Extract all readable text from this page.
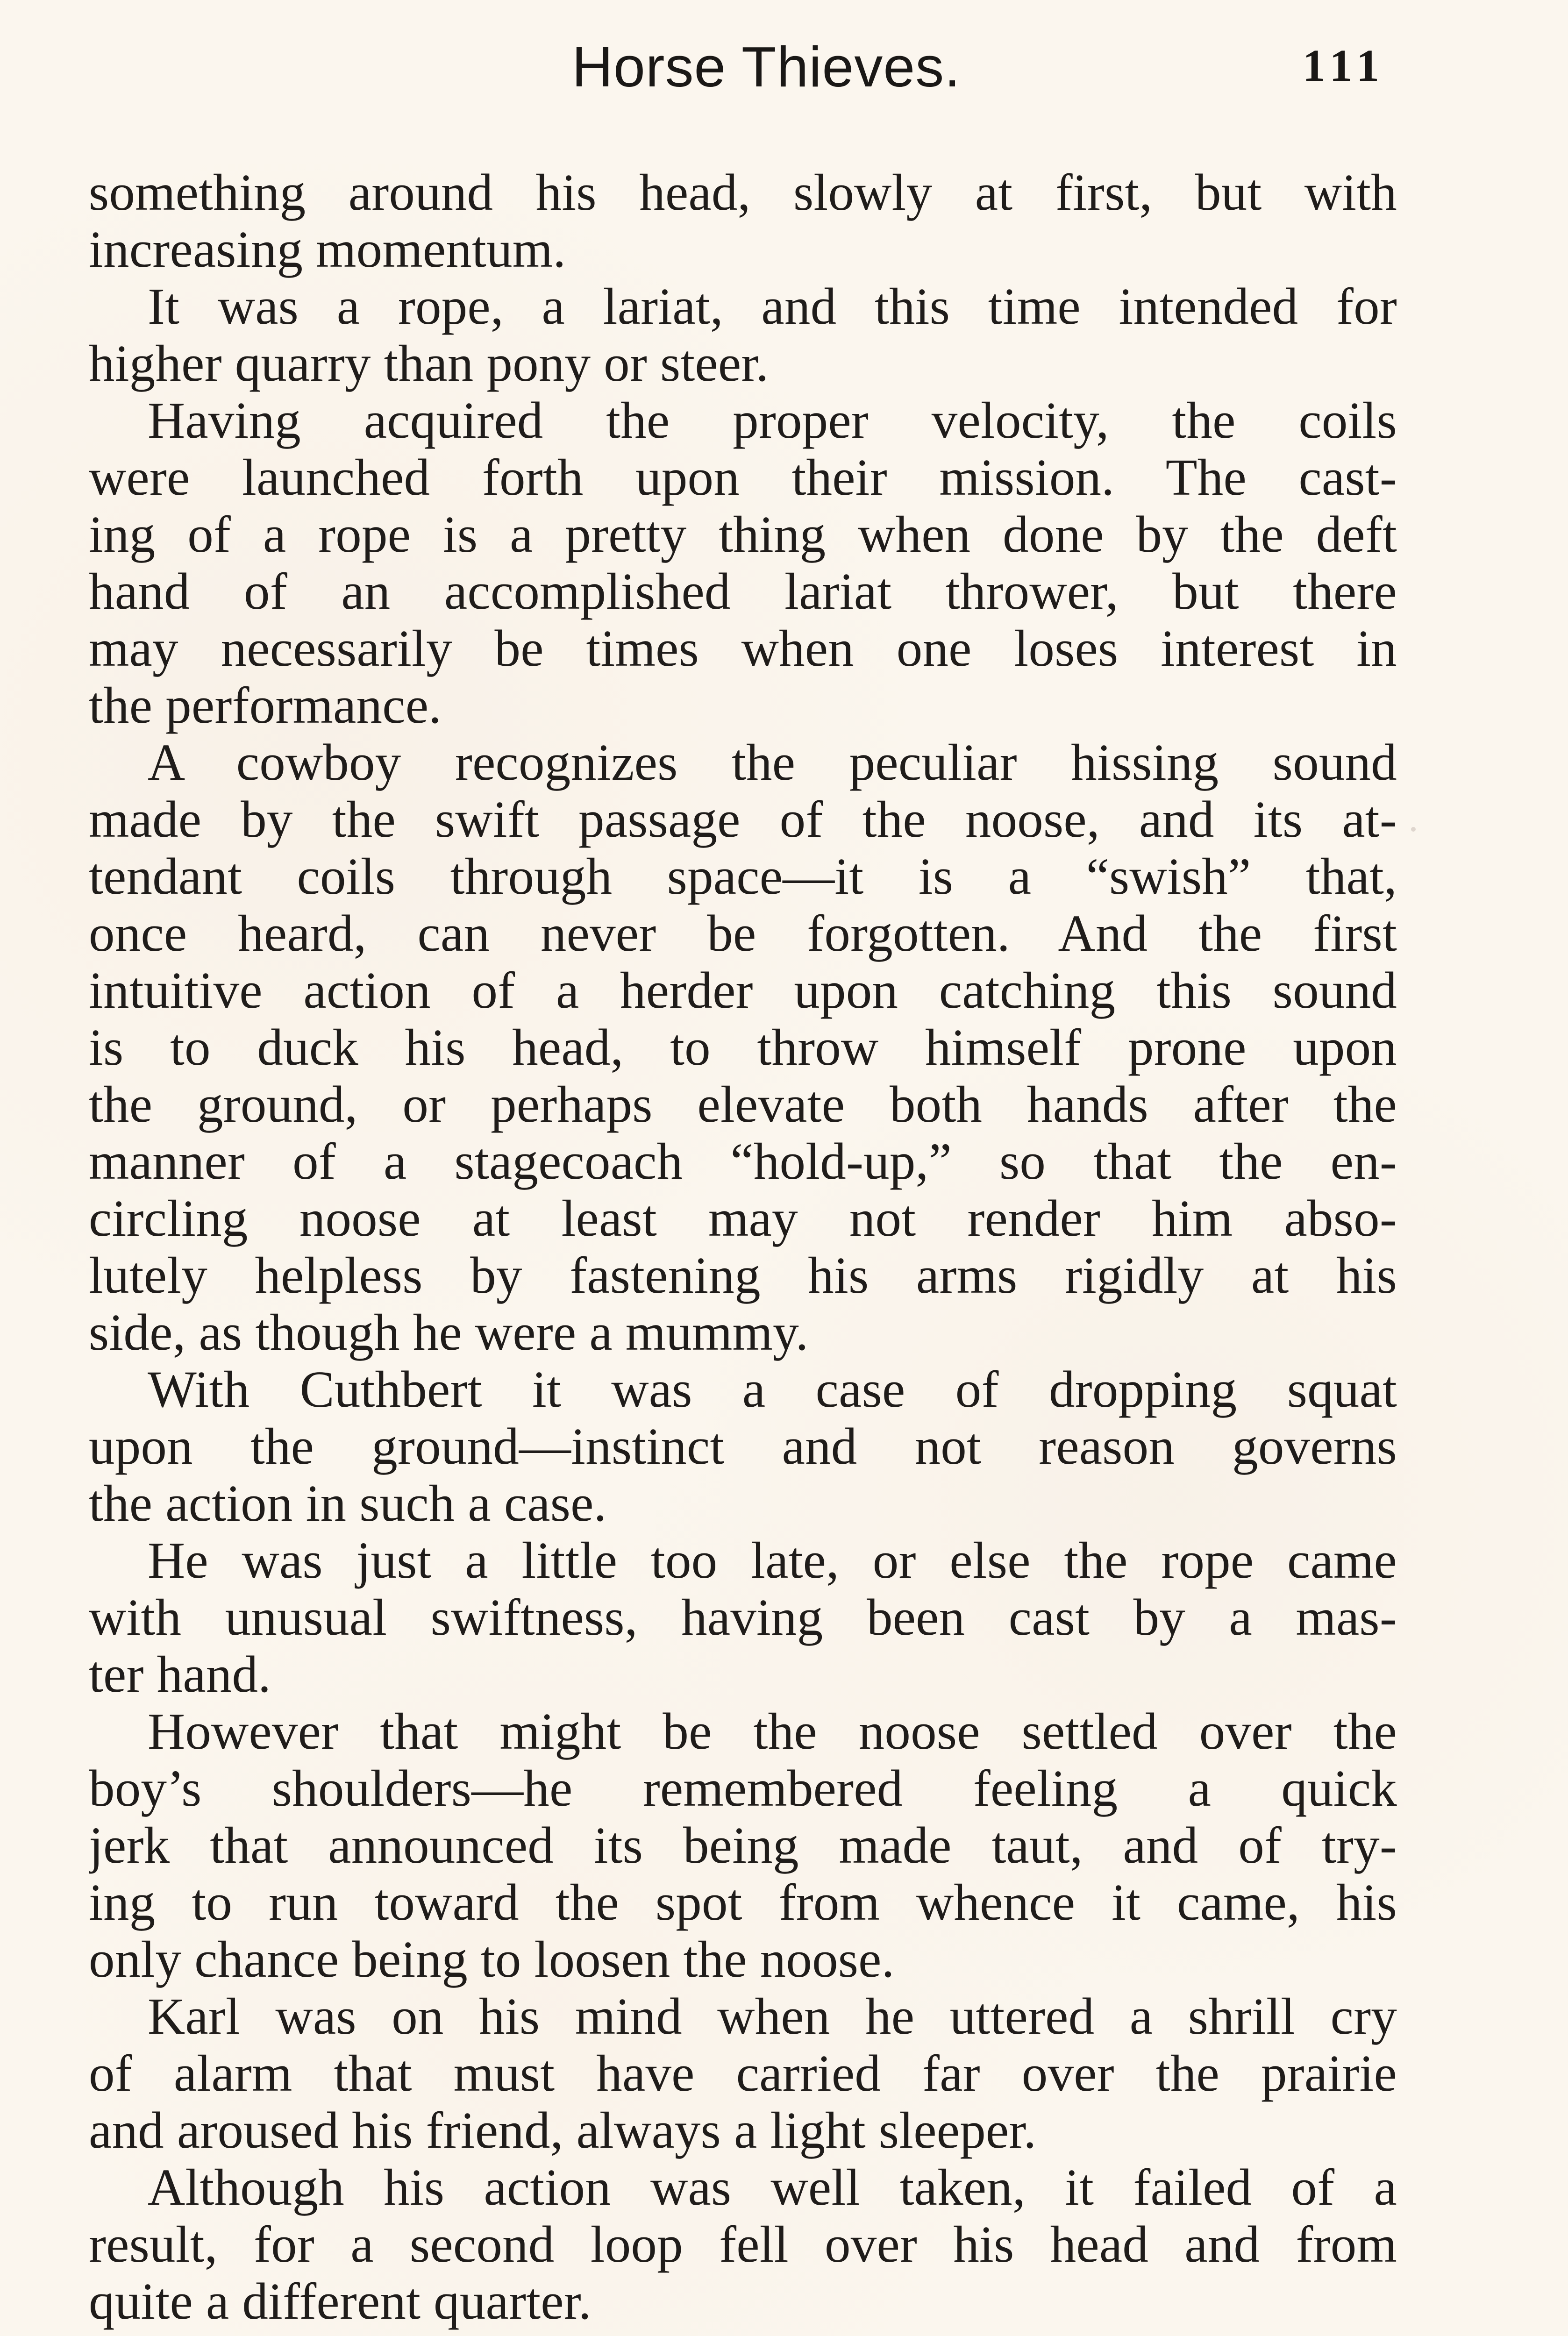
Horse Thieves.	111
something around his head, slowly at first, but with
increasing momentum.
It was a rope, a lariat, and this time intended for
higher quarry than pony or steer.
Having acquired the proper velocity, the coils
were launched forth upon their mission. The cast-
ing of a rope is a pretty thing when done by the deft
hand of an accomplished lariat thrower, but there
may necessarily be times when one loses interest in
the performance.
A cowboy recognizes the peculiar hissing sound
made by the swift passage of the noose, and its at-
tendant coils through space—it is a “swish” that,
once heard, can never be forgotten. And the first
intuitive action of a herder upon catching this sound
is to duck his head, to throw himself prone upon
the ground, or perhaps elevate both hands after the
manner of a stagecoach “hold-up,” so that the en-
circling noose at least may not render him abso-
lutely helpless by fastening his arms rigidly at his
side, as though he were a mummy.
With Cuthbert it was a case of dropping squat
upon the ground—instinct and not reason governs
the action in such a case.
He was just a little too late, or else the rope came
with unusual swiftness, having been cast by a mas-
ter hand.
However that might be the noose settled over the
boy’s shoulders—he remembered feeling a quick
jerk that announced its being made taut, and of try-
ing to run toward the spot from whence it came, his
only chance being to loosen the noose.
Karl was on his mind when he uttered a shrill cry
of alarm that must have carried far over the prairie
and aroused his friend, always a light sleeper.
Although his action was well taken, it failed of a
result, for a second loop fell over his head and from
quite a different quarter.
